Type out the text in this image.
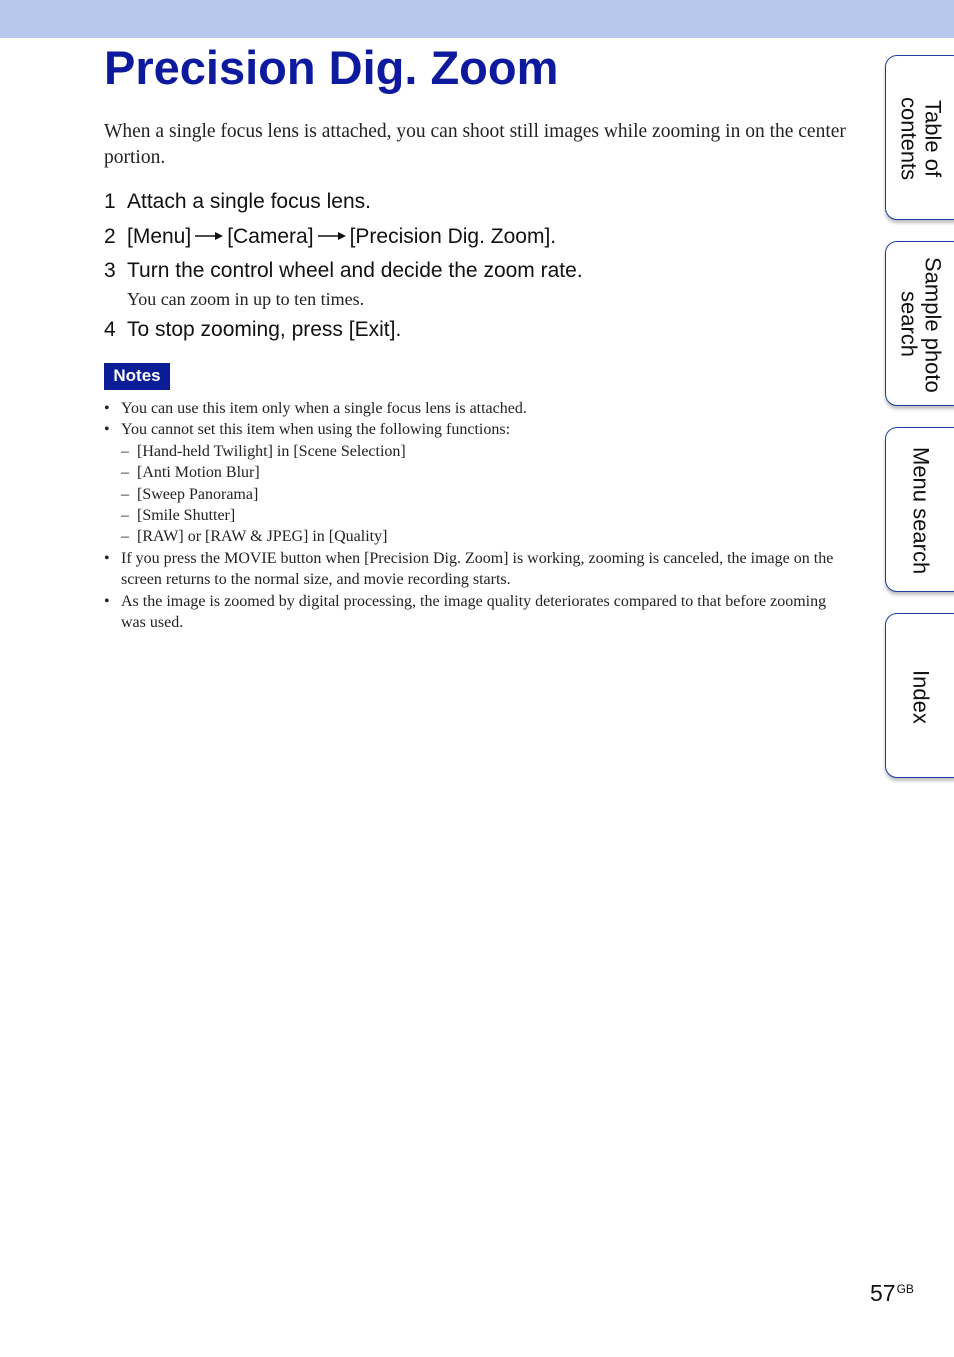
Precision Dig. Zoom

When a single focus lens is attached, you can shoot still images while zooming in on the center portion.

1 Attach a single focus lens.
2 [Menu] [Camera] [Precision Dig. Zoom].
3 Turn the control wheel and decide the zoom rate.
You can zoom in up to ten times.
4 To stop zooming, press [Exit].
Notes
• You can use this item only when a single focus lens is attached.
• You cannot set this item when using the following functions:
– [Hand-held Twilight] in [Scene Selection]
– [Anti Motion Blur]
– [Sweep Panorama]
– [Smile Shutter]
– [RAW] or [RAW & JPEG] in [Quality]
• If you press the MOVIE button when [Precision Dig. Zoom] is working, zooming is canceled, the image on the screen returns to the normal size, and movie recording starts.
• As the image is zoomed by digital processing, the image quality deteriorates compared to that before zooming was used.
Table of contents
Sample photo search
Menu search
Index
$57^{GB}$
